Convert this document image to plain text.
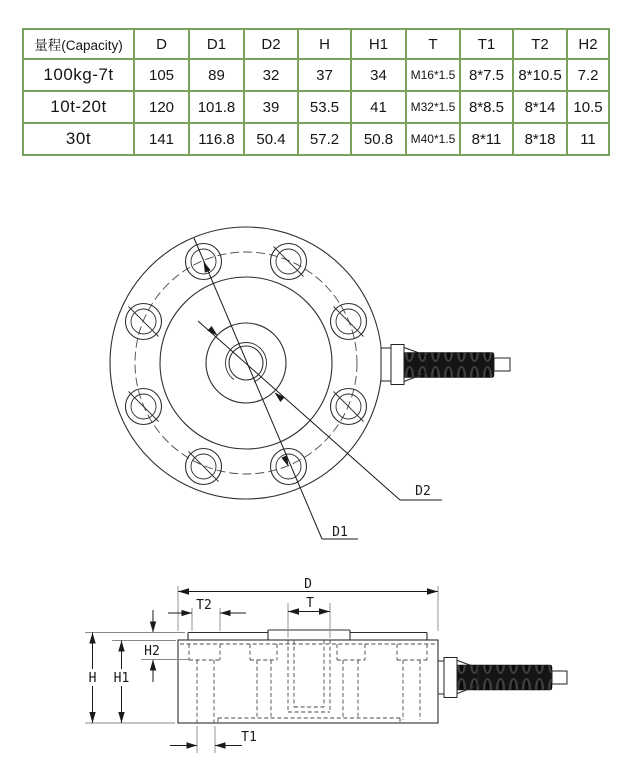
量程(Capacity)	D	D1	D2	H	H1	T	T1	T2	H2
100kg-7t	105	89	32	37	34	M16*1.5	8*7.5	8*10.5	7.2
10t-20t	120	101.8	39	53.5	41	M32*1.5	8*8.5	8*14	10.5
30t	141	116.8	50.4	57.2	50.8	M40*1.5	8*11	8*18	11
D1
D2
D
T2	T
T1
H H1
H2
